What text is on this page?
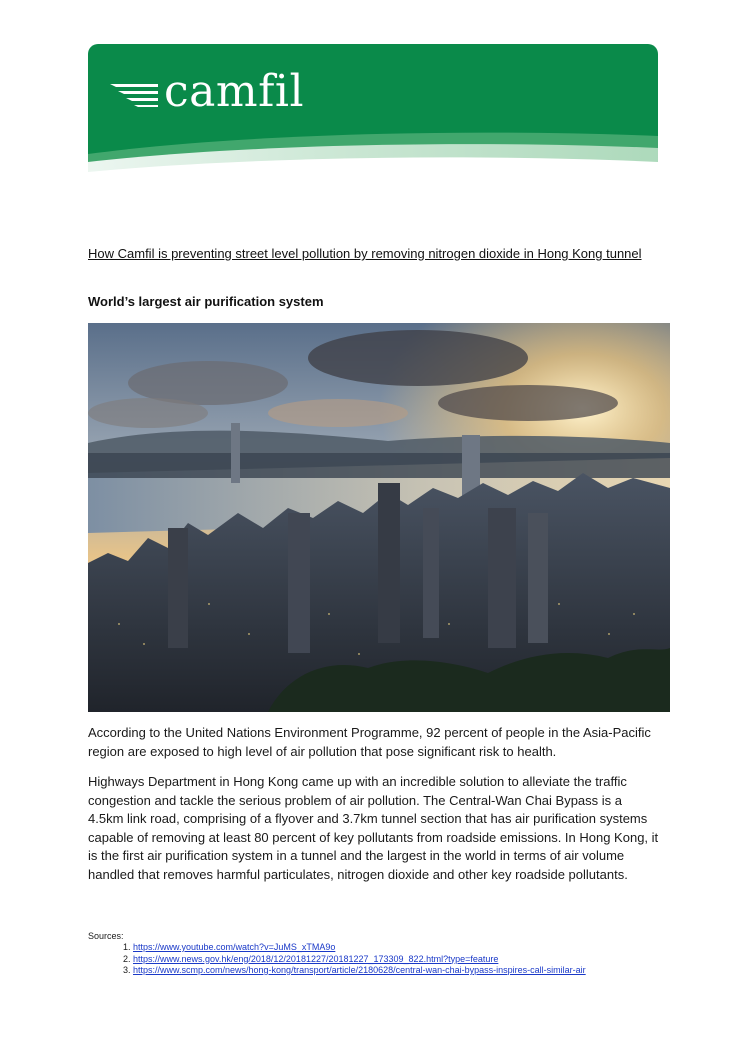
camfil
How Camfil is preventing street level pollution by removing nitrogen dioxide in Hong Kong tunnel
World’s largest air purification system

According to the United Nations Environment Programme, 92 percent of people in the Asia-Pacific region are exposed to high level of air pollution that pose significant risk to health.

Highways Department in Hong Kong came up with an incredible solution to alleviate the traffic congestion and tackle the serious problem of air pollution. The Central-Wan Chai Bypass is a 4.5km link road, comprising of a flyover and 3.7km tunnel section that has air purification systems capable of removing at least 80 percent of key pollutants from roadside emissions. In Hong Kong, it is the first air purification system in a tunnel and the largest in the world in terms of air volume handled that removes harmful particulates, nitrogen dioxide and other key roadside pollutants.

Sources:
1. https://www.youtube.com/watch?v=JuMS_xTMA9o
2. https://www.news.gov.hk/eng/2018/12/20181227/20181227_173309_822.html?type=feature
3. https://www.scmp.com/news/hong-kong/transport/article/2180628/central-wan-chai-bypass-inspires-call-similar-air
